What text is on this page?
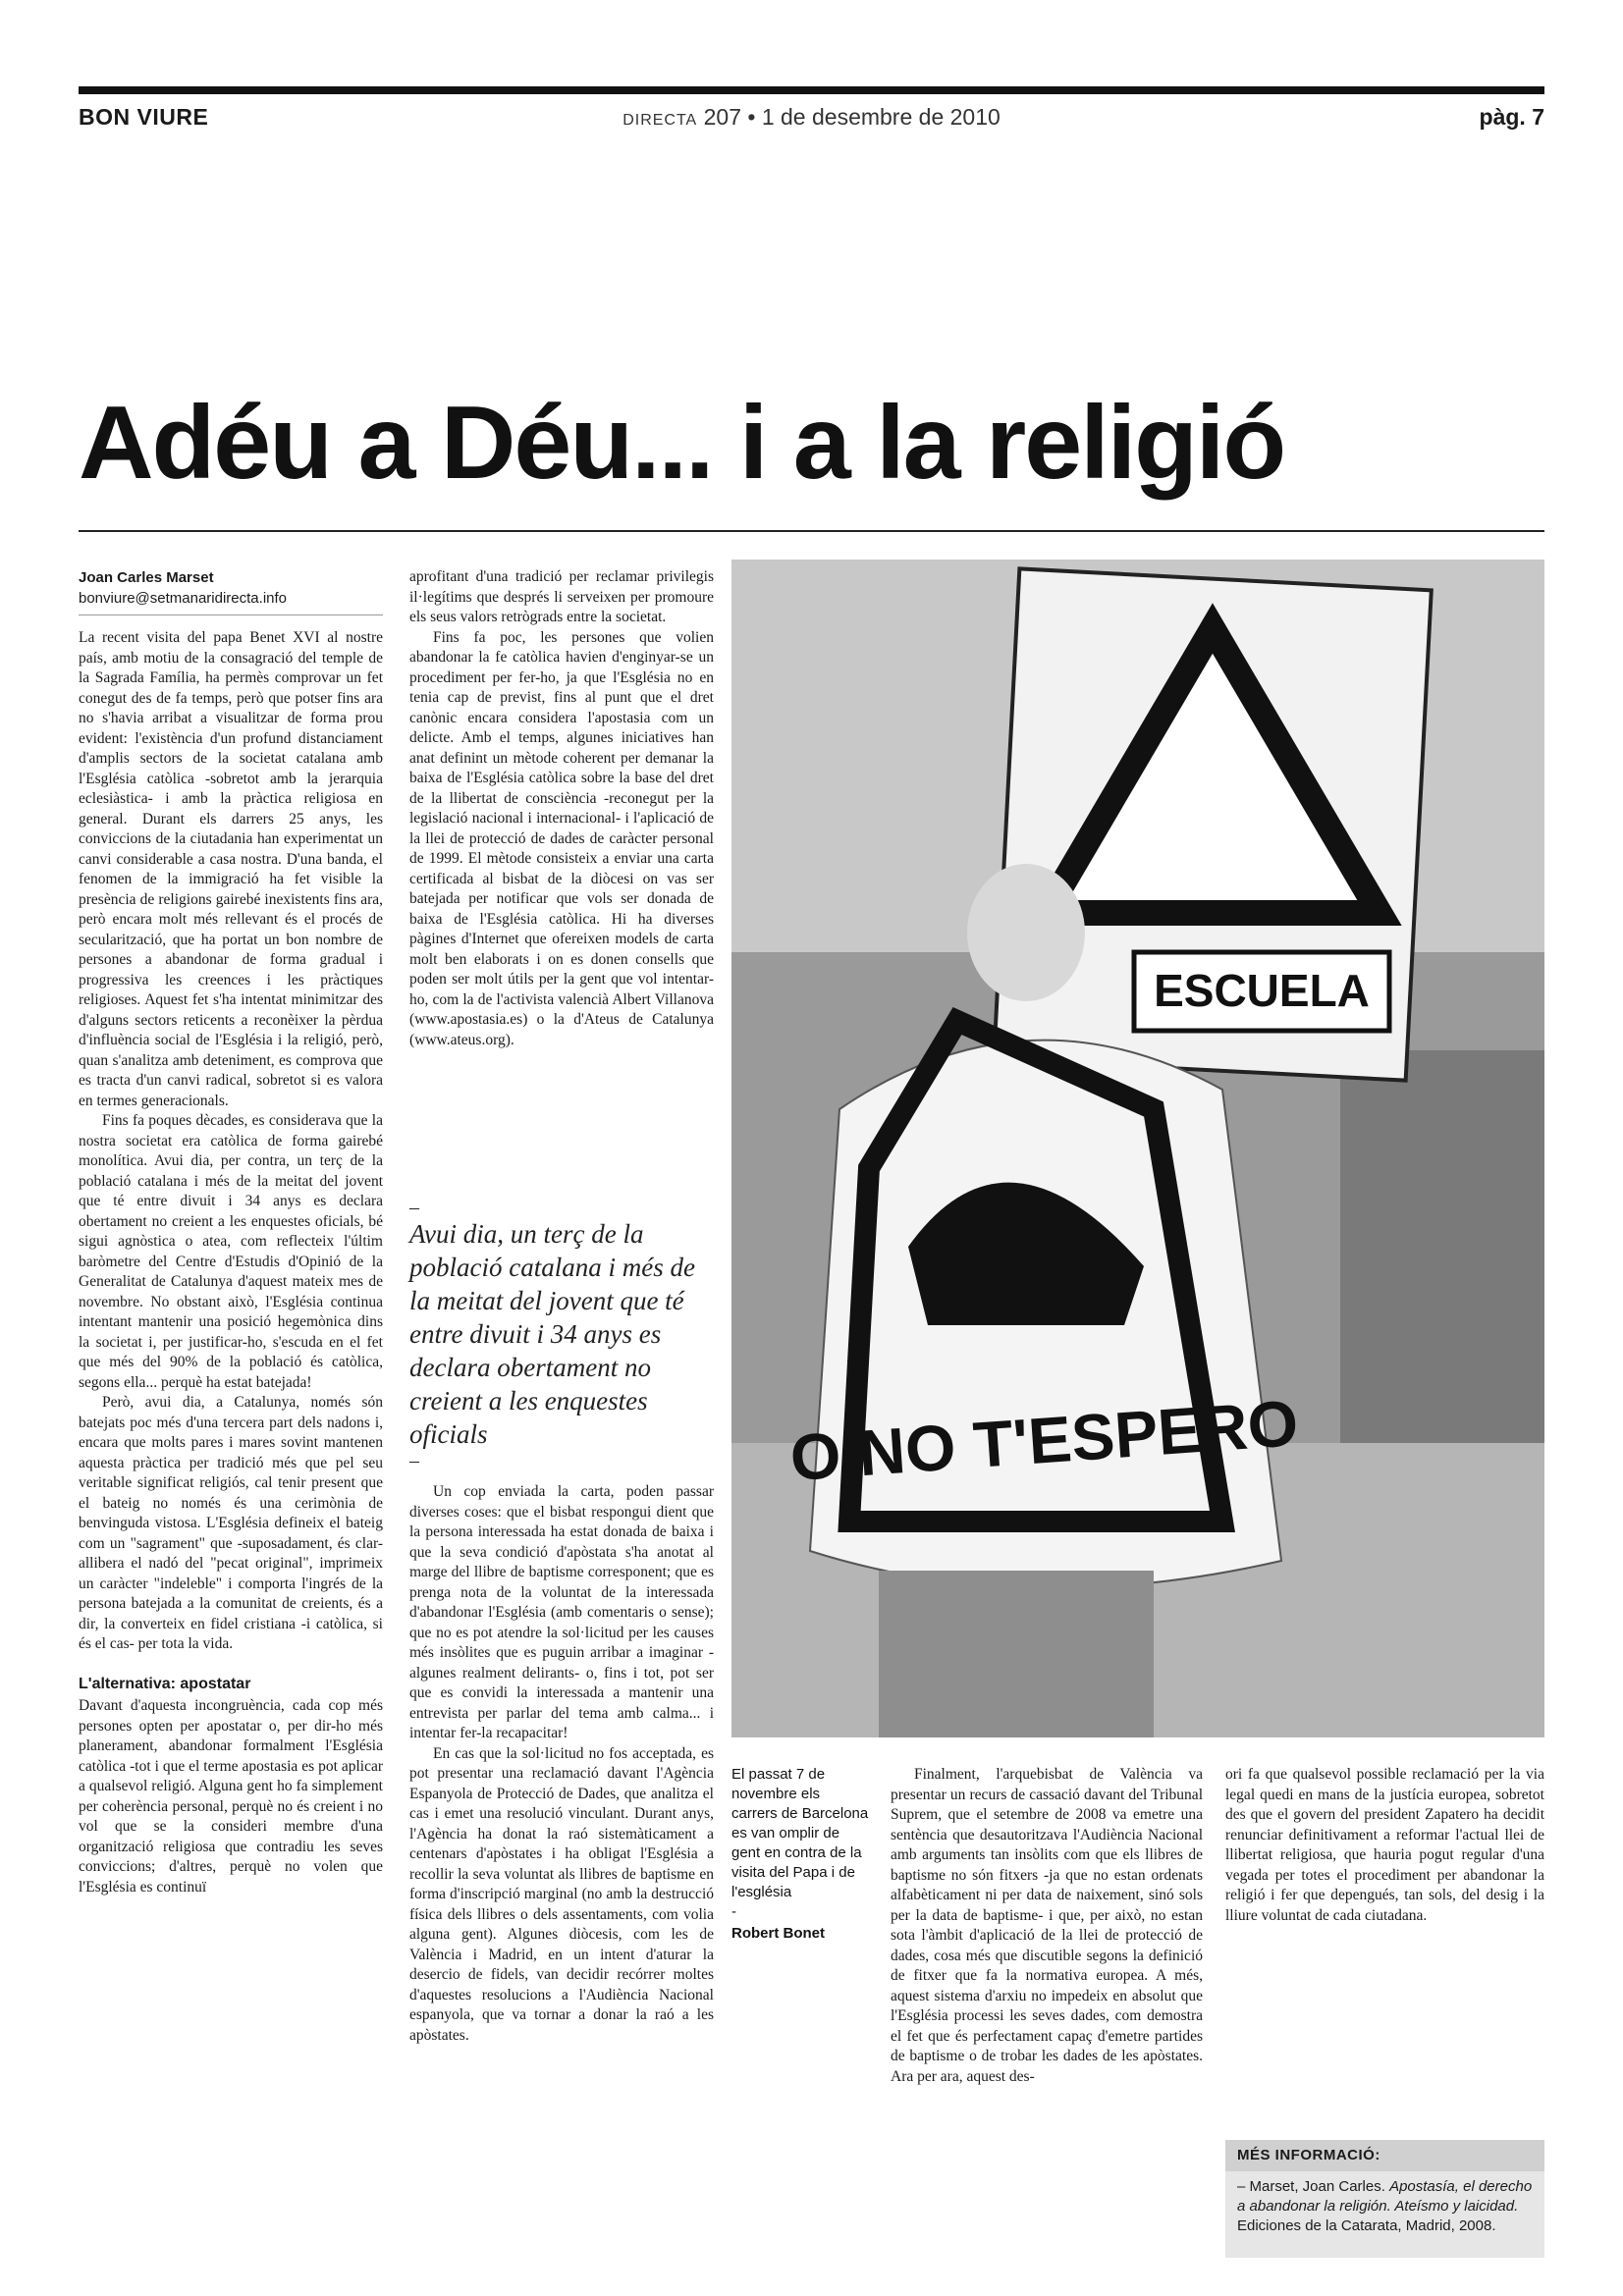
BON VIURE	DIRECTA 207 • 1 de desembre de 2010	pàg. 7
Adéu a Déu... i a la religió
Joan Carles Marset
bonviure@setmanaridirecta.info

La recent visita del papa Benet XVI al nostre país, amb motiu de la consagració del temple de la Sagrada Família, ha permès comprovar un fet conegut des de fa temps, però que potser fins ara no s'havia arribat a visualitzar de forma prou evident: l'existència d'un profund distanciament d'amplis sectors de la societat catalana amb l'Església catòlica -sobretot amb la jerarquia eclesiàstica- i amb la pràctica religiosa en general. Durant els darrers 25 anys, les conviccions de la ciutadania han experimentat un canvi considerable a casa nostra. D'una banda, el fenomen de la immigració ha fet visible la presència de religions gairebé inexistents fins ara, però encara molt més rellevant és el procés de secularització, que ha portat un bon nombre de persones a abandonar de forma gradual i progressiva les creences i les pràctiques religioses. Aquest fet s'ha intentat minimitzar des d'alguns sectors reticents a reconèixer la pèrdua d'influència social de l'Església i la religió, però, quan s'analitza amb deteniment, es comprova que es tracta d'un canvi radical, sobretot si es valora en termes generacionals.

Fins fa poques dècades, es considerava que la nostra societat era catòlica de forma gairebé monolítica. Avui dia, per contra, un terç de la població catalana i més de la meitat del jovent que té entre divuit i 34 anys es declara obertament no creient a les enquestes oficials, bé sigui agnòstica o atea, com reflecteix l'últim baròmetre del Centre d'Estudis d'Opinió de la Generalitat de Catalunya d'aquest mateix mes de novembre. No obstant això, l'Església continua intentant mantenir una posició hegemònica dins la societat i, per justificar-ho, s'escuda en el fet que més del 90% de la població és catòlica, segons ella... perquè ha estat batejada!

Però, avui dia, a Catalunya, només són batejats poc més d'una tercera part dels nadons i, encara que molts pares i mares sovint mantenen aquesta pràctica per tradició més que pel seu veritable significat religiós, cal tenir present que el bateig no només és una cerimònia de benvinguda vistosa. L'Església defineix el bateig com un "sagrament" que -suposadament, és clar- allibera el nadó del "pecat original", imprimeix un caràcter "indeleble" i comporta l'ingrés de la persona batejada a la comunitat de creients, és a dir, la converteix en fidel cristiana -i catòlica, si és el cas- per tota la vida.

L'alternativa: apostatar

Davant d'aquesta incongruència, cada cop més persones opten per apostatar o, per dir-ho més planerament, abandonar formalment l'Església catòlica -tot i que el terme apostasia es pot aplicar a qualsevol religió. Alguna gent ho fa simplement per coherència personal, perquè no és creient i no vol que se la consideri membre d'una organització religiosa que contradiu les seves conviccions; d'altres, perquè no volen que l'Església es continuï

aprofitant d'una tradició per reclamar privilegis il·legítims que després li serveixen per promoure els seus valors retrògrads entre la societat.

Fins fa poc, les persones que volien abandonar la fe catòlica havien d'enginyar-se un procediment per fer-ho, ja que l'Església no en tenia cap de previst, fins al punt que el dret canònic encara considera l'apostasia com un delicte. Amb el temps, algunes iniciatives han anat definint un mètode coherent per demanar la baixa de l'Església catòlica sobre la base del dret de la llibertat de consciència -reconegut per la legislació nacional i internacional- i l'aplicació de la llei de protecció de dades de caràcter personal de 1999. El mètode consisteix a enviar una carta certificada al bisbat de la diòcesi on vas ser batejada per notificar que vols ser donada de baixa de l'Església catòlica. Hi ha diverses pàgines d'Internet que ofereixen models de carta molt ben elaborats i on es donen consells que poden ser molt útils per la gent que vol intentar-ho, com la de l'activista valencià Albert Villanova (www.apostasia.es) o la d'Ateus de Catalunya (www.ateus.org).

–
Avui dia, un terç de la població catalana i més de la meitat del jovent que té entre divuit i 34 anys es declara obertament no creient a les enquestes oficials
–

Un cop enviada la carta, poden passar diverses coses: que el bisbat respongui dient que la persona interessada ha estat donada de baixa i que la seva condició d'apòstata s'ha anotat al marge del llibre de baptisme corresponent; que es prenga nota de la voluntat de la interessada d'abandonar l'Església (amb comentaris o sense); que no es pot atendre la sol·licitud per les causes més insòlites que es puguin arribar a imaginar -algunes realment delirants- o, fins i tot, pot ser que es convidi la interessada a mantenir una entrevista per parlar del tema amb calma... i intentar fer-la recapacitar!

En cas que la sol·licitud no fos acceptada, es pot presentar una reclamació davant l'Agència Espanyola de Protecció de Dades, que analitza el cas i emet una resolució vinculant. Durant anys, l'Agència ha donat la raó sistemàticament a centenars d'apòstates i ha obligat l'Església a recollir la seva voluntat als llibres de baptisme en forma d'inscripció marginal (no amb la destrucció física dels llibres o dels assentaments, com volia alguna gent). Algunes diòcesis, com les de València i Madrid, en un intent d'aturar la desercio de fidels, van decidir recórrer moltes d'aquestes resolucions a l'Audiència Nacional espanyola, que va tornar a donar la raó a les apòstates.

ESCUELA
O NO T'ESPERO
El passat 7 de novembre els carrers de Barcelona es van omplir de gent en contra de la visita del Papa i de l'església
-
Robert Bonet

Finalment, l'arquebisbat de València va presentar un recurs de cassació davant del Tribunal Suprem, que el setembre de 2008 va emetre una sentència que desautoritzava l'Audiència Nacional amb arguments tan insòlits com que els llibres de baptisme no són fitxers -ja que no estan ordenats alfabèticament ni per data de naixement, sinó sols per la data de baptisme- i que, per això, no estan sota l'àmbit d'aplicació de la llei de protecció de dades, cosa més que discutible segons la definició de fitxer que fa la normativa europea. A més, aquest sistema d'arxiu no impedeix en absolut que l'Església processi les seves dades, com demostra el fet que és perfectament capaç d'emetre partides de baptisme o de trobar les dades de les apòstates. Ara per ara, aquest des-

ori fa que qualsevol possible reclamació per la via legal quedi en mans de la justícia europea, sobretot des que el govern del president Zapatero ha decidit renunciar definitivament a reformar l'actual llei de llibertat religiosa, que hauria pogut regular d'una vegada per totes el procediment per abandonar la religió i fer que depengués, tan sols, del desig i la lliure voluntat de cada ciutadana.

MÉS INFORMACIÓ:
– Marset, Joan Carles. Apostasía, el derecho a abandonar la religión. Ateísmo y laicidad. Ediciones de la Catarata, Madrid, 2008.
